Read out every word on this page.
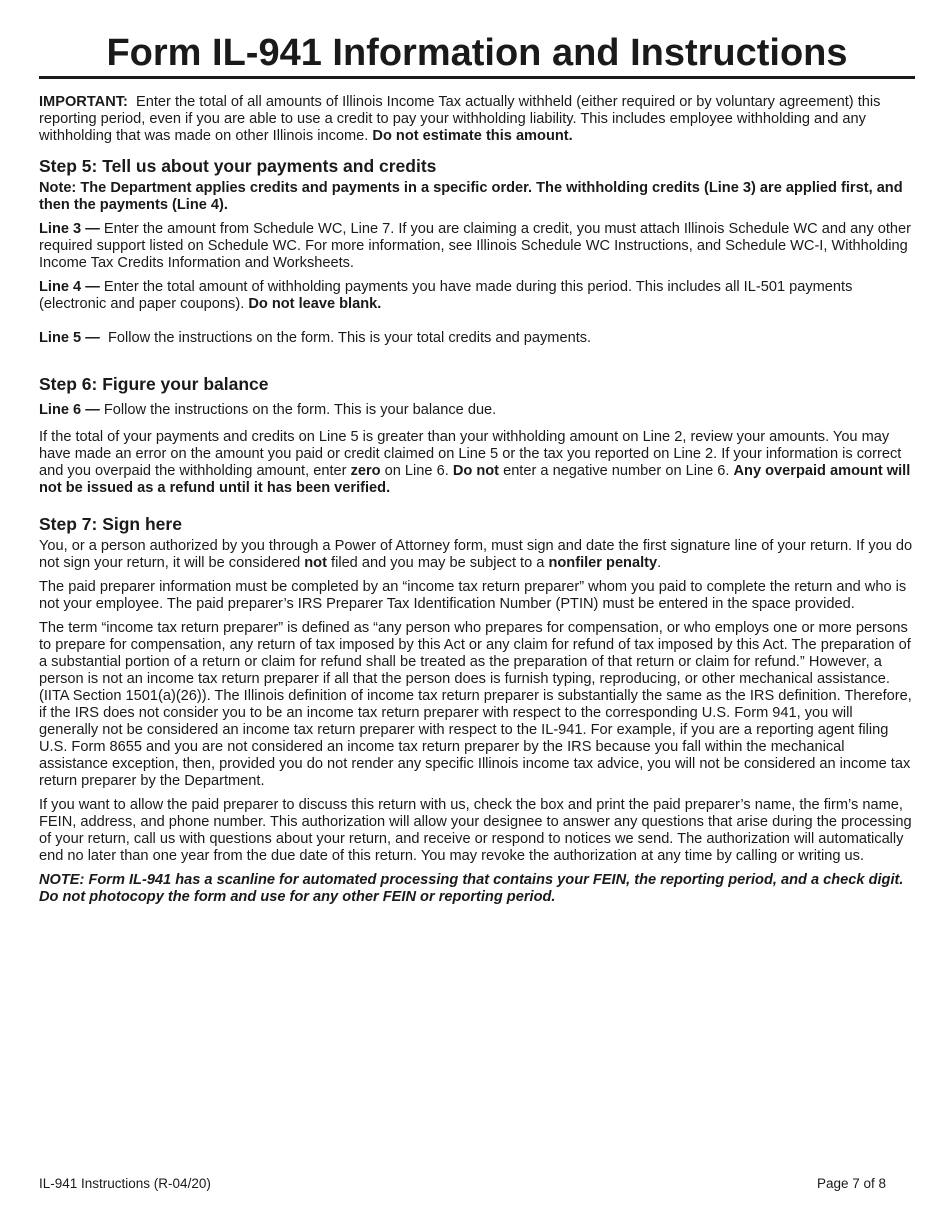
Form IL-941 Information and Instructions

IMPORTANT: Enter the total of all amounts of Illinois Income Tax actually withheld (either required or by voluntary agreement) this reporting period, even if you are able to use a credit to pay your withholding liability. This includes employee withholding and any withholding that was made on other Illinois income. Do not estimate this amount.

Step 5: Tell us about your payments and credits

Note: The Department applies credits and payments in a specific order. The withholding credits (Line 3) are applied first, and then the payments (Line 4).

Line 3 — Enter the amount from Schedule WC, Line 7. If you are claiming a credit, you must attach Illinois Schedule WC and any other required support listed on Schedule WC. For more information, see Illinois Schedule WC Instructions, and Schedule WC-I, Withholding Income Tax Credits Information and Worksheets.

Line 4 — Enter the total amount of withholding payments you have made during this period. This includes all IL-501 payments (electronic and paper coupons). Do not leave blank.

Line 5 — Follow the instructions on the form. This is your total credits and payments.

Step 6: Figure your balance

Line 6 — Follow the instructions on the form. This is your balance due.

If the total of your payments and credits on Line 5 is greater than your withholding amount on Line 2, review your amounts. You may have made an error on the amount you paid or credit claimed on Line 5 or the tax you reported on Line 2. If your information is correct and you overpaid the withholding amount, enter zero on Line 6. Do not enter a negative number on Line 6. Any overpaid amount will not be issued as a refund until it has been verified.

Step 7: Sign here

You, or a person authorized by you through a Power of Attorney form, must sign and date the first signature line of your return. If you do not sign your return, it will be considered not filed and you may be subject to a nonfiler penalty.

The paid preparer information must be completed by an “income tax return preparer” whom you paid to complete the return and who is not your employee. The paid preparer’s IRS Preparer Tax Identification Number (PTIN) must be entered in the space provided.

The term “income tax return preparer” is defined as “any person who prepares for compensation, or who employs one or more persons to prepare for compensation, any return of tax imposed by this Act or any claim for refund of tax imposed by this Act. The preparation of a substantial portion of a return or claim for refund shall be treated as the preparation of that return or claim for refund.” However, a person is not an income tax return preparer if all that the person does is furnish typing, reproducing, or other mechanical assistance. (IITA Section 1501(a)(26)). The Illinois definition of income tax return preparer is substantially the same as the IRS definition. Therefore, if the IRS does not consider you to be an income tax return preparer with respect to the corresponding U.S. Form 941, you will generally not be considered an income tax return preparer with respect to the IL-941. For example, if you are a reporting agent filing U.S. Form 8655 and you are not considered an income tax return preparer by the IRS because you fall within the mechanical assistance exception, then, provided you do not render any specific Illinois income tax advice, you will not be considered an income tax return preparer by the Department.

If you want to allow the paid preparer to discuss this return with us, check the box and print the paid preparer’s name, the firm’s name, FEIN, address, and phone number. This authorization will allow your designee to answer any questions that arise during the processing of your return, call us with questions about your return, and receive or respond to notices we send. The authorization will automatically end no later than one year from the due date of this return. You may revoke the authorization at any time by calling or writing us.

NOTE: Form IL-941 has a scanline for automated processing that contains your FEIN, the reporting period, and a check digit. Do not photocopy the form and use for any other FEIN or reporting period.

IL-941 Instructions (R-04/20)	Page 7 of 8
